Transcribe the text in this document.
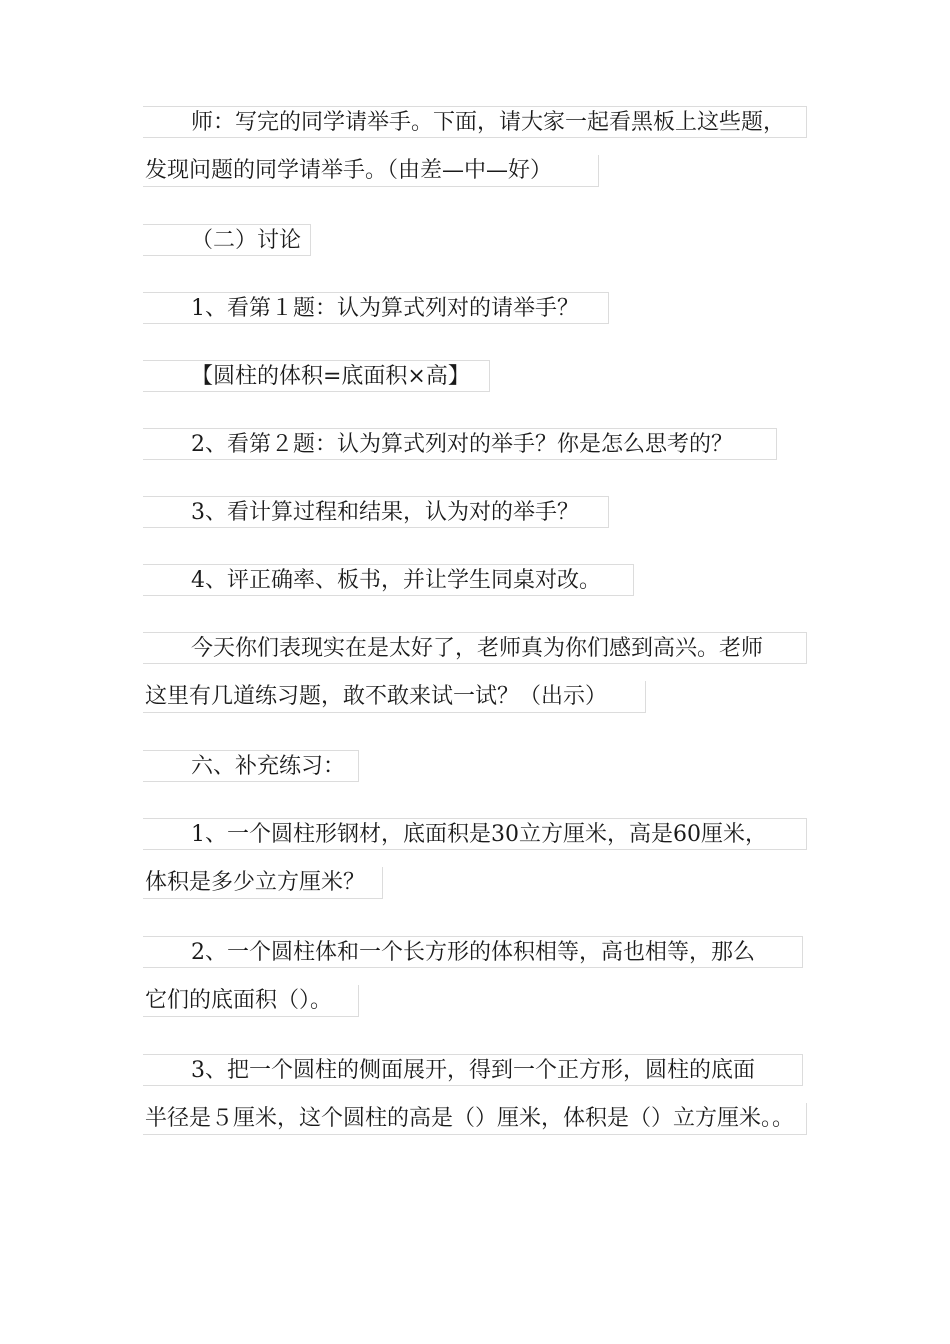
师：写完的同学请举手。下面，请大家一起看黑板上这些题，
发现问题的同学请举手。（由差—中—好）
（二）讨论
1、看第１题：认为算式列对的请举手？
【圆柱的体积=底面积×高】
2、看第２题：认为算式列对的举手？你是怎么思考的？
3、看计算过程和结果，认为对的举手？
4、评正确率、板书，并让学生同桌对改。
今天你们表现实在是太好了，老师真为你们感到高兴。老师
这里有几道练习题，敢不敢来试一试？（出示）
六、补充练习：
1、一个圆柱形钢材，底面积是30立方厘米，高是60厘米，
体积是多少立方厘米？
2、一个圆柱体和一个长方形的体积相等，高也相等，那么
它们的底面积（）。
3、把一个圆柱的侧面展开，得到一个正方形，圆柱的底面
半径是５厘米，这个圆柱的高是（）厘米，体积是（）立方厘米。。
